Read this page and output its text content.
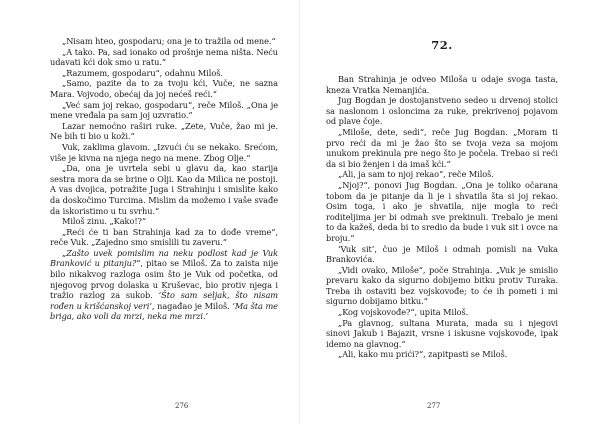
„Nisam hteo, gospodaru; ona je to tražila od mene.“

„A tako. Pa, sad ionako od prošnje nema ništa. Neću udavati kći dok smo u ratu.“

„Razumem, gospodaru“, odahnu Miloš.

„Samo, pazite da to za tvoju kći, Vuče, ne sazna Mara. Vojvodo, obećaj da joj nećeš reći.“

„Već sam joj rekao, gospodaru“, reče Miloš. „Ona je mene vređala pa sam joj uzvratio.“

Lazar nemoćno raširi ruke. „Zete, Vuče, žao mi je. Ne bih ti bio u koži.“

Vuk, zaklima glavom. „Izvući ću se nekako. Srećom, više je kivna na njega nego na mene. Zbog Olje.“

„Da, ona je uvrtela sebi u glavu da, kao starija sestra mora da se brine o Olji. Kao da Milica ne postoji. A vas dvojica, potražite Juga i Strahinju i smislite kako da doskočimo Turcima. Mislim da možemo i vaše svađe da iskoristimo u tu svrhu.“

Miloš zinu. „Kako!?“

„Reći će ti ban Strahinja kad za to dođe vreme“, reče Vuk. „Zajedno smo smislili tu zaveru.“

„Zašto uvek pomislim na neku podlost kad je Vuk Branković u pitanju?“, pitao se Miloš. Za to zaista nije bilo nikakvog razloga osim što je Vuk od početka, od njegovog prvog dolaska u Kruševac, bio protiv njega i tražio razlog za sukob. ‘Što sam seljak, što nisam rođen u krišćanskoj veri’, nagađao je Miloš. ‘Ma šta me briga, ako voli da mrzi, neka me mrzi.’

276
72.

Ban Strahinja je odveo Miloša u odaje svoga tasta, kneza Vratka Nemanjića.

Jug Bogdan je dostojanstveno sedeo u drvenoj stolici sa naslonom i osloncima za ruke, prekrivenoj pojavom od plave čoje.

„Miloše, dete, sedi“, reče Jug Bogdan. „Moram ti prvo reći da mi je žao što se tvoja veza sa mojom unukom prekinula pre nego što je počela. Trebao si reći da si bio ženjen i da imaš kći.“

„Ali, ja sam to njoj rekao“, reče Miloš.

„Njoj?“, ponovi Jug Bogdan. „Ona je toliko očarana tobom da je pitanje da li je i shvatila šta si joj rekao. Osim toga, i ako je shvatila, nije mogla to reći roditeljima jer bi odmah sve prekinuli. Trebalo je meni to da kažeš, deda bi to sredio da bude i vuk sit i ovce na broju.“

‘Vuk sit’, čuo je Miloš i odmah pomisli na Vuka Brankovića.

„Vidi ovako, Miloše“, poče Strahinja. „Vuk je smislio prevaru kako da sigurno dobijemo bitku protiv Turaka. Treba ih ostaviti bez vojskovođe; to će ih pometi i mi sigurno dobijamo bitku.“

„Kog vojskovođe?“, upita Miloš.

„Pa glavnog, sultana Murata, mada su i njegovi sinovi Jakub i Bajazit, vrsne i iskusne vojskovođe, ipak idemo na glavnog.“

„Ali, kako mu prići?“, zapitpasti se Miloš.

277
